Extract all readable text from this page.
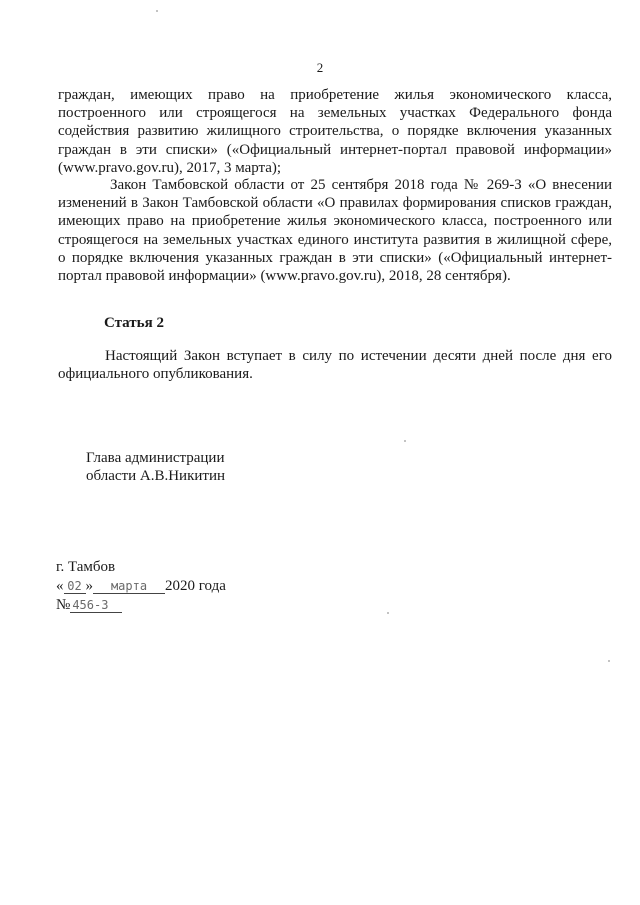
2

граждан, имеющих право на приобретение жилья экономического класса, построенного или строящегося на земельных участках Федерального фонда содействия развитию жилищного строительства, о порядке включения указанных граждан в эти списки» («Официальный интернет-портал правовой информации» (www.pravo.gov.ru), 2017, 3 марта);

Закон Тамбовской области от 25 сентября 2018 года № 269-З «О внесении изменений в Закон Тамбовской области «О правилах формирования списков граждан, имеющих право на приобретение жилья экономического класса, построенного или строящегося на земельных участках единого института развития в жилищной сфере, о порядке включения указанных граждан в эти списки» («Официальный интернет-портал правовой информации» (www.pravo.gov.ru), 2018, 28 сентября).

Статья 2

Настоящий Закон вступает в силу по истечении десяти дней после дня его официального опубликования.

Глава администрации
области А.В.Никитин
г. Тамбов
« 02 » марта 2020 года
№ 456-З
